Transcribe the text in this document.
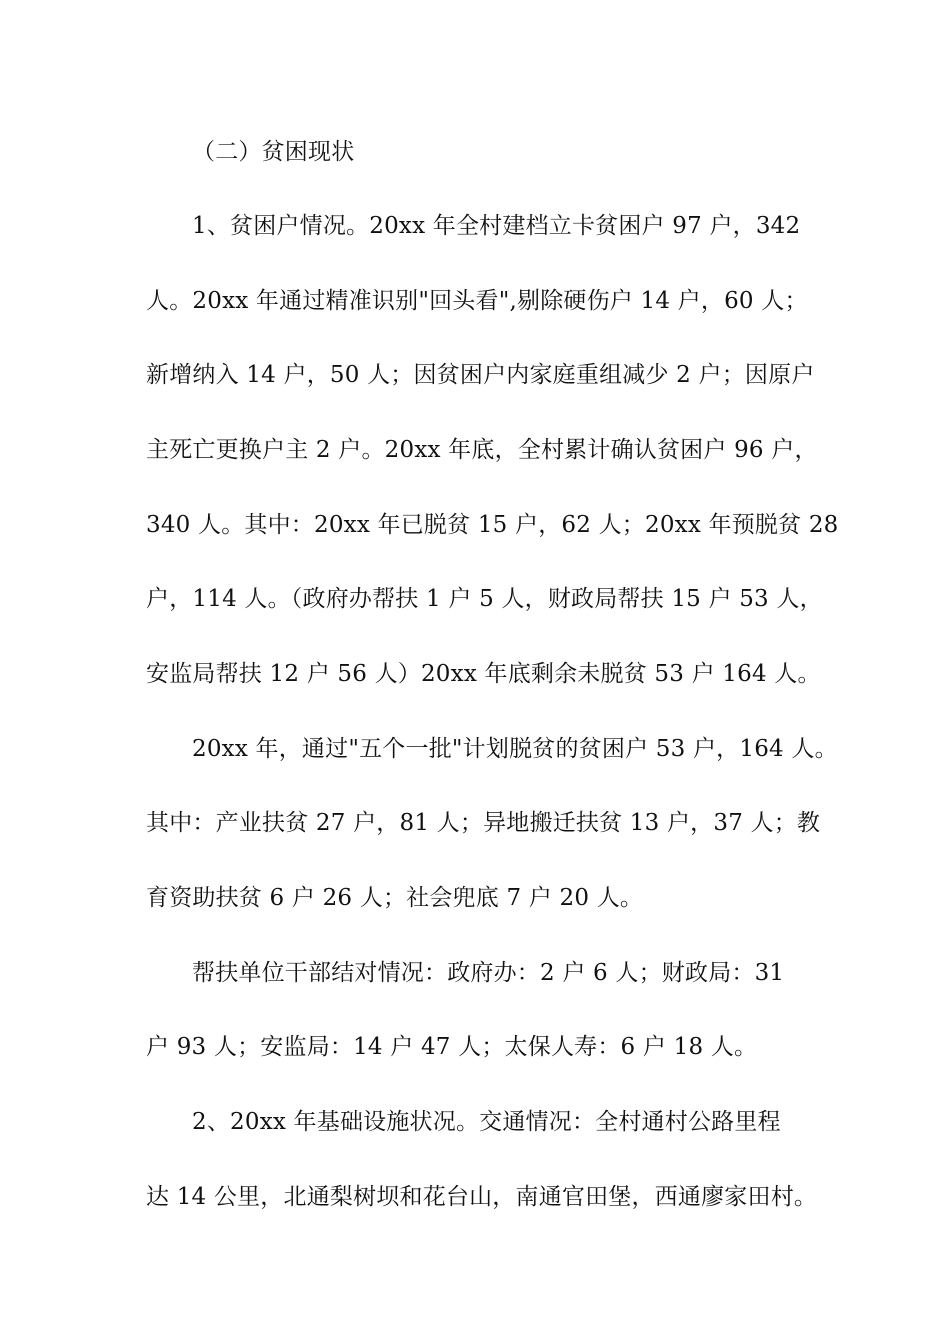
（二）贫困现状
1、贫困户情况。20xx 年全村建档立卡贫困户 97 户，342
人。20xx 年通过精准识别"回头看",剔除硬伤户 14 户，60 人；
新增纳入 14 户，50 人；因贫困户内家庭重组减少 2 户；因原户
主死亡更换户主 2 户。20xx 年底，全村累计确认贫困户 96 户，
340 人。其中：20xx 年已脱贫 15 户，62 人；20xx 年预脱贫 28
户，114 人。（政府办帮扶 1 户 5 人，财政局帮扶 15 户 53 人，
安监局帮扶 12 户 56 人）20xx 年底剩余未脱贫 53 户 164 人。
20xx 年，通过"五个一批"计划脱贫的贫困户 53 户，164 人。
其中：产业扶贫 27 户，81 人；异地搬迁扶贫 13 户，37 人；教
育资助扶贫 6 户 26 人；社会兜底 7 户 20 人。
帮扶单位干部结对情况：政府办：2 户 6 人；财政局：31
户 93 人；安监局：14 户 47 人；太保人寿：6 户 18 人。
2、20xx 年基础设施状况。交通情况：全村通村公路里程
达 14 公里，北通梨树坝和花台山，南通官田堡，西通廖家田村。
